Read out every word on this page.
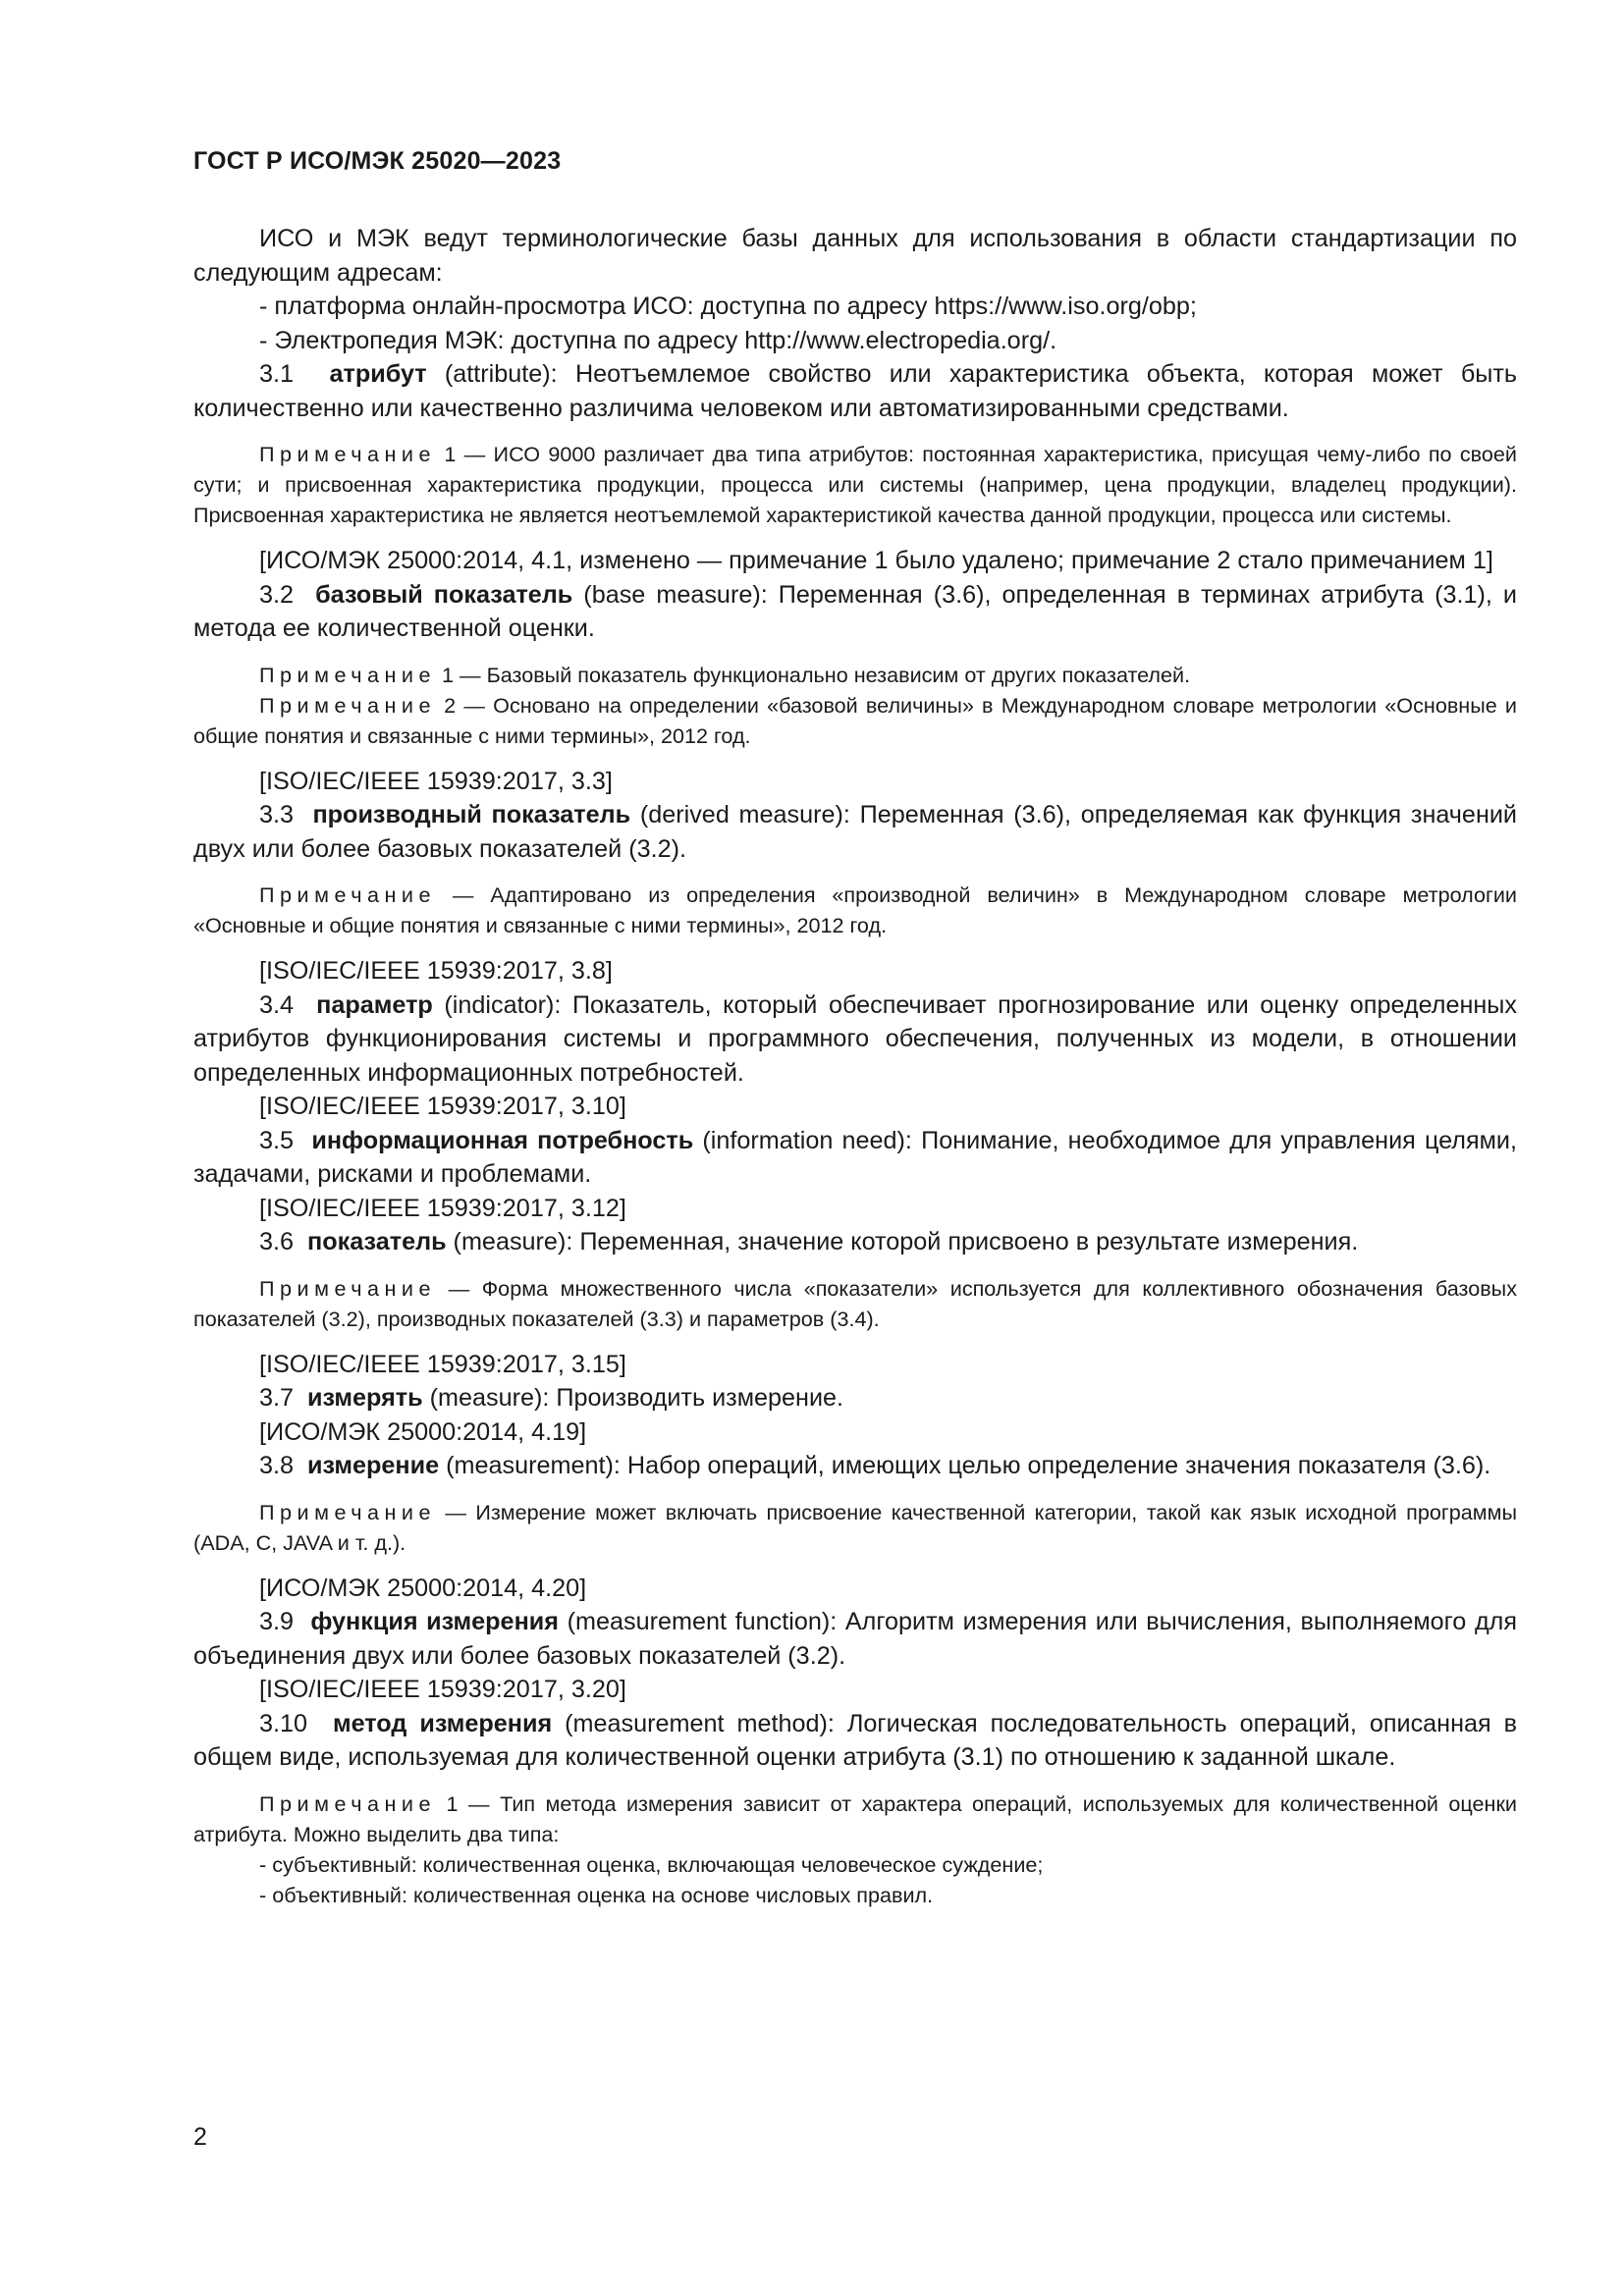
ГОСТ Р ИСО/МЭК 25020—2023

ИСО и МЭК ведут терминологические базы данных для использования в области стандартизации по следующим адресам:

- платформа онлайн-просмотра ИСО: доступна по адресу https://www.iso.org/obp;

- Электропедия МЭК: доступна по адресу http://www.electropedia.org/.

3.1 атрибут (attribute): Неотъемлемое свойство или характеристика объекта, которая может быть количественно или качественно различима человеком или автоматизированными средствами.

Примечание 1 — ИСО 9000 различает два типа атрибутов: постоянная характеристика, присущая чему-либо по своей сути; и присвоенная характеристика продукции, процесса или системы (например, цена продукции, владелец продукции). Присвоенная характеристика не является неотъемлемой характеристикой качества данной продукции, процесса или системы.

[ИСО/МЭК 25000:2014, 4.1, изменено — примечание 1 было удалено; примечание 2 стало примечанием 1]

3.2 базовый показатель (base measure): Переменная (3.6), определенная в терминах атрибута (3.1), и метода ее количественной оценки.

Примечание 1 — Базовый показатель функционально независим от других показателей.

Примечание 2 — Основано на определении «базовой величины» в Международном словаре метрологии «Основные и общие понятия и связанные с ними термины», 2012 год.

[ISO/IEC/IEEE 15939:2017, 3.3]

3.3 производный показатель (derived measure): Переменная (3.6), определяемая как функция значений двух или более базовых показателей (3.2).

Примечание — Адаптировано из определения «производной величин» в Международном словаре метрологии «Основные и общие понятия и связанные с ними термины», 2012 год.

[ISO/IEC/IEEE 15939:2017, 3.8]

3.4 параметр (indicator): Показатель, который обеспечивает прогнозирование или оценку определенных атрибутов функционирования системы и программного обеспечения, полученных из модели, в отношении определенных информационных потребностей.

[ISO/IEC/IEEE 15939:2017, 3.10]

3.5 информационная потребность (information need): Понимание, необходимое для управления целями, задачами, рисками и проблемами.

[ISO/IEC/IEEE 15939:2017, 3.12]

3.6 показатель (measure): Переменная, значение которой присвоено в результате измерения.

Примечание — Форма множественного числа «показатели» используется для коллективного обозначения базовых показателей (3.2), производных показателей (3.3) и параметров (3.4).

[ISO/IEC/IEEE 15939:2017, 3.15]

3.7 измерять (measure): Производить измерение.

[ИСО/МЭК 25000:2014, 4.19]

3.8 измерение (measurement): Набор операций, имеющих целью определение значения показателя (3.6).

Примечание — Измерение может включать присвоение качественной категории, такой как язык исходной программы (ADA, C, JAVA и т. д.).

[ИСО/МЭК 25000:2014, 4.20]

3.9 функция измерения (measurement function): Алгоритм измерения или вычисления, выполняемого для объединения двух или более базовых показателей (3.2).

[ISO/IEC/IEEE 15939:2017, 3.20]

3.10 метод измерения (measurement method): Логическая последовательность операций, описанная в общем виде, используемая для количественной оценки атрибута (3.1) по отношению к заданной шкале.

Примечание 1 — Тип метода измерения зависит от характера операций, используемых для количественной оценки атрибута. Можно выделить два типа:

- субъективный: количественная оценка, включающая человеческое суждение;

- объективный: количественная оценка на основе числовых правил.

2
